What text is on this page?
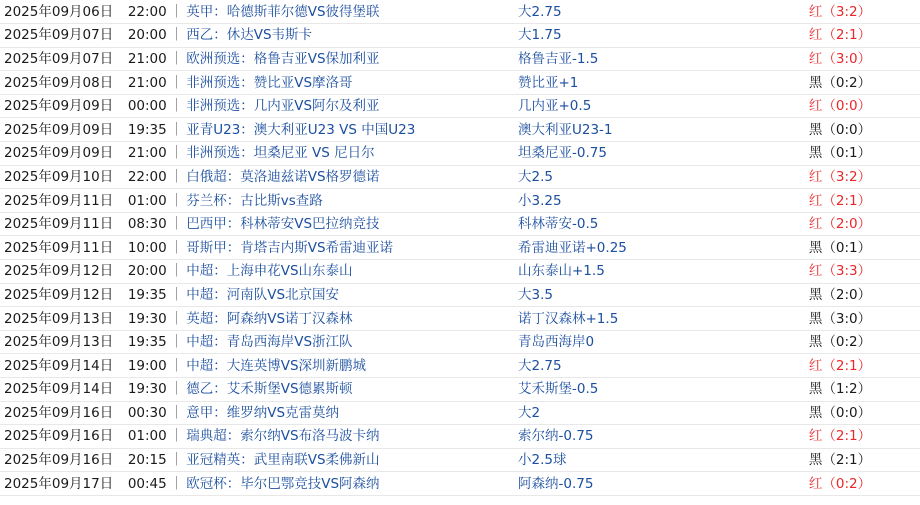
2025年09月06日 22:00 ｜ 英甲：哈德斯菲尔德VS彼得堡联	大2.75	红（3:2）
2025年09月07日 20:00 ｜ 西乙：休达VS韦斯卡	大1.75	红（2:1）
2025年09月07日 21:00 ｜ 欧洲预选：格鲁吉亚VS保加利亚	格鲁吉亚-1.5	红（3:0）
2025年09月08日 21:00 ｜ 非洲预选：赞比亚VS摩洛哥	赞比亚+1	黑（0:2）
2025年09月09日 00:00 ｜ 非洲预选：几内亚VS阿尔及利亚	几内亚+0.5	红（0:0）
2025年09月09日 19:35 ｜ 亚青U23：澳大利亚U23 VS 中国U23	澳大利亚U23-1	黑（0:0）
2025年09月09日 21:00 ｜ 非洲预选：坦桑尼亚 VS 尼日尔	坦桑尼亚-0.75	黑（0:1）
2025年09月10日 22:00 ｜ 白俄超：莫洛迪兹诺VS格罗德诺	大2.5	红（3:2）
2025年09月11日 01:00 ｜ 芬兰杯：古比斯vs查路	小3.25	红（2:1）
2025年09月11日 08:30 ｜ 巴西甲：科林蒂安VS巴拉纳竞技	科林蒂安-0.5	红（2:0）
2025年09月11日 10:00 ｜ 哥斯甲：肯塔吉内斯VS希雷迪亚诺	希雷迪亚诺+0.25	黑（0:1）
2025年09月12日 20:00 ｜ 中超：上海申花VS山东泰山	山东泰山+1.5	红（3:3）
2025年09月12日 19:35 ｜ 中超：河南队VS北京国安	大3.5	黑（2:0）
2025年09月13日 19:30 ｜ 英超：阿森纳VS诺丁汉森林	诺丁汉森林+1.5	黑（3:0）
2025年09月13日 19:35 ｜ 中超：青岛西海岸VS浙江队	青岛西海岸0	黑（0:2）
2025年09月14日 19:00 ｜ 中超：大连英博VS深圳新鹏城	大2.75	红（2:1）
2025年09月14日 19:30 ｜ 德乙：艾禾斯堡VS德累斯顿	艾禾斯堡-0.5	黑（1:2）
2025年09月16日 00:30 ｜ 意甲：维罗纳VS克雷莫纳	大2	黑（0:0）
2025年09月16日 01:00 ｜ 瑞典超：索尔纳VS布洛马波卡纳	索尔纳-0.75	红（2:1）
2025年09月16日 20:15 ｜ 亚冠精英：武里南联VS柔佛新山	小2.5球	黑（2:1）
2025年09月17日 00:45 ｜ 欧冠杯：毕尔巴鄂竞技VS阿森纳	阿森纳-0.75	红（0:2）
